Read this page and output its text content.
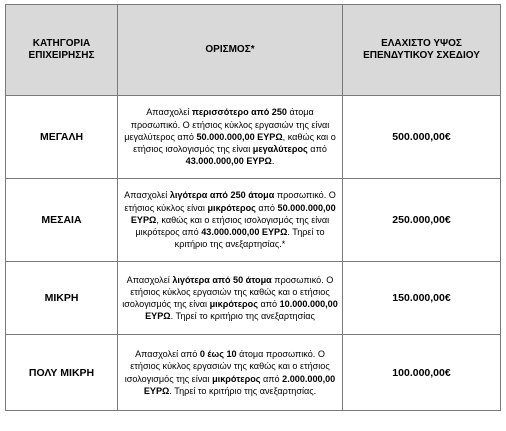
ΚΑΤΗΓΟΡΙΑ ΕΠΙΧΕΙΡΗΣΗΣ	ΟΡΙΣΜΟΣ*	ΕΛΑΧΙΣΤΟ ΥΨΟΣ ΕΠΕΝΔΥΤΙΚΟΥ ΣΧΕΔΙΟΥ
ΜΕΓΑΛΗ	Απασχολεί περισσότερο από 250 άτομα προσωπικό. Ο ετήσιος κύκλος εργασιών της είναι μεγαλύτερος από 50.000.000,00 ΕΥΡΩ, καθώς και ο ετήσιος ισολογισμός της είναι μεγαλύτερος από 43.000.000,00 ΕΥΡΩ.	500.000,00€
ΜΕΣΑΙΑ	Απασχολεί λιγότερα από 250 άτομα προσωπικό. Ο ετήσιος κύκλος είναι μικρότερος από 50.000.000,00 ΕΥΡΩ, καθώς και ο ετήσιος ισολογισμός της είναι μικρότερος από 43.000.000,00 ΕΥΡΩ. Τηρεί το κριτήριο της ανεξαρτησίας.*	250.000,00€
ΜΙΚΡΗ	Απασχολεί λιγότερα από 50 άτομα προσωπικό. Ο ετήσιος κύκλος εργασιών της καθώς και ο ετήσιος ισολογισμός της είναι μικρότερος από 10.000.000,00 ΕΥΡΩ. Τηρεί το κριτήριο της ανεξαρτησίας	150.000,00€
ΠΟΛΥ ΜΙΚΡΗ	Απασχολεί από 0 έως 10 άτομα προσωπικό. Ο ετήσιος κύκλος εργασιών της καθώς και ο ετήσιος ισολογισμός της είναι μικρότερος από 2.000.000,00 ΕΥΡΩ. Τηρεί το κριτήριο της ανεξαρτησίας.	100.000,00€
